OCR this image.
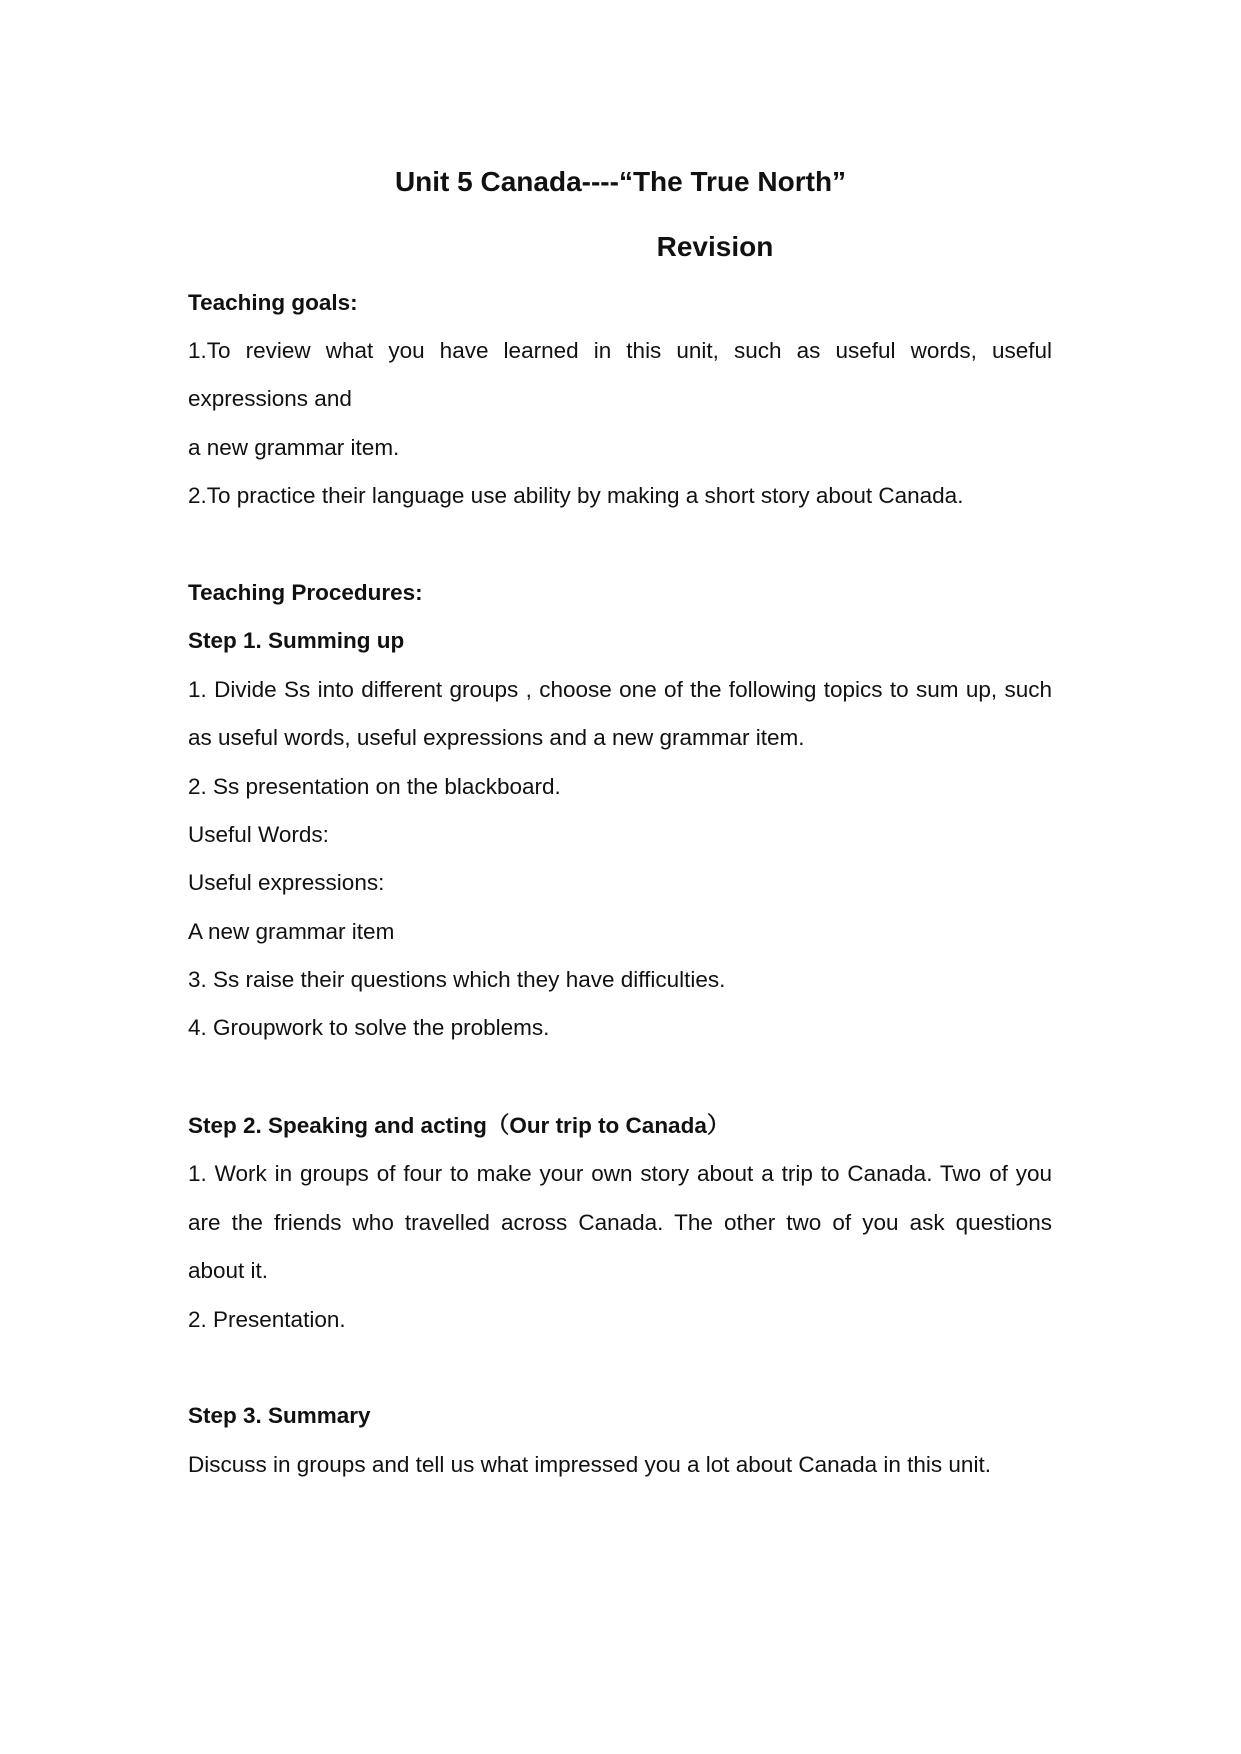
Unit 5 Canada----“The True North”
Revision
Teaching goals:
1.To review what you have learned in this unit, such as useful words, useful
expressions and
a new grammar item.
2.To practice their language use ability by making a short story about Canada.
Teaching Procedures:
Step 1. Summing up
1. Divide Ss into different groups , choose one of the following topics to sum up, such
as useful words, useful expressions and a new grammar item.
2. Ss presentation on the blackboard.
Useful Words:
Useful expressions:
A new grammar item
3. Ss raise their questions which they have difficulties.
4. Groupwork to solve the problems.
Step 2. Speaking and acting（Our trip to Canada）
1. Work in groups of four to make your own story about a trip to Canada. Two of you
are the friends who travelled across Canada. The other two of you ask questions
about it.
2. Presentation.
Step 3. Summary
Discuss in groups and tell us what impressed you a lot about Canada in this unit.
